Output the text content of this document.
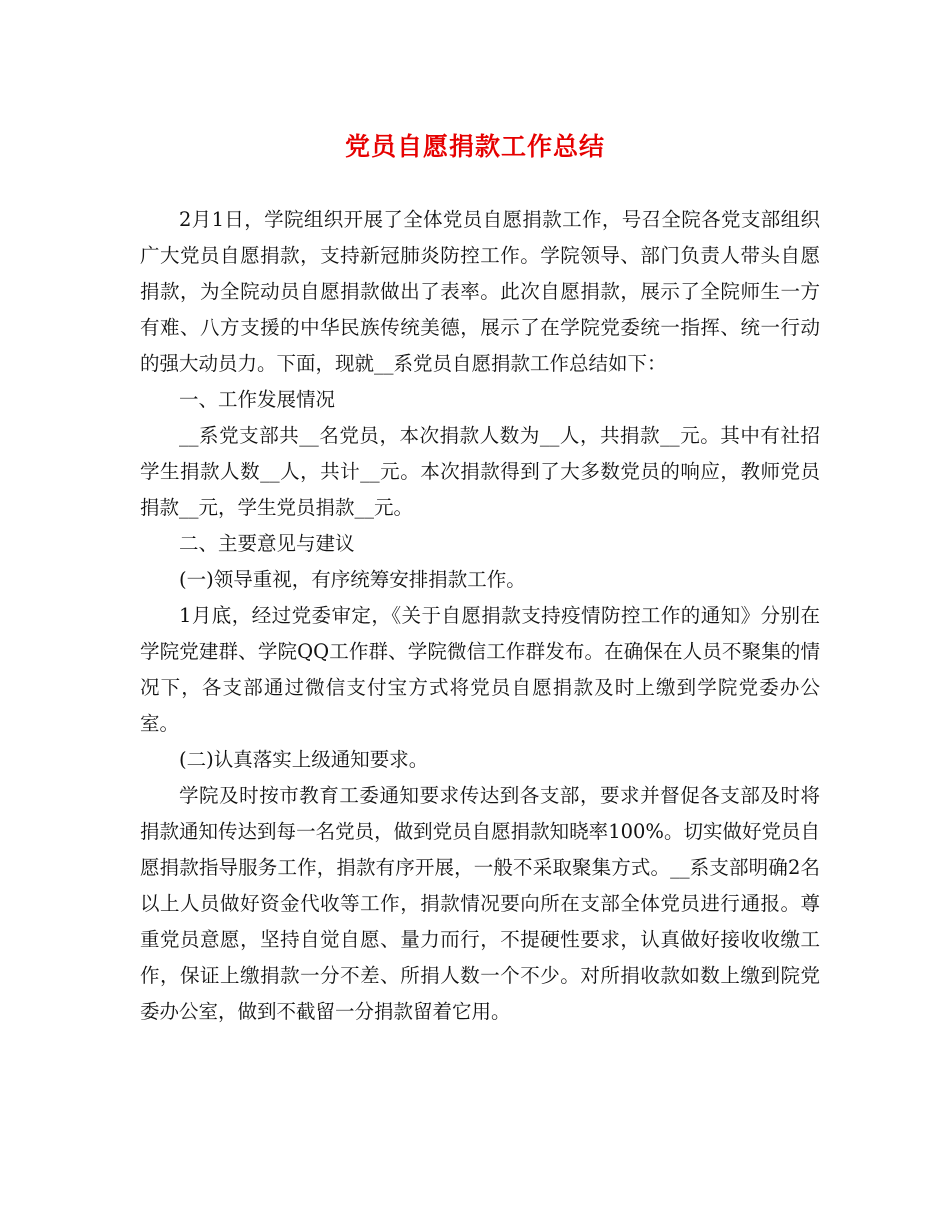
党员自愿捐款工作总结

2月1日，学院组织开展了全体党员自愿捐款工作，号召全院各党支部组织广大党员自愿捐款，支持新冠肺炎防控工作。学院领导、部门负责人带头自愿捐款，为全院动员自愿捐款做出了表率。此次自愿捐款，展示了全院师生一方有难、八方支援的中华民族传统美德，展示了在学院党委统一指挥、统一行动的强大动员力。下面，现就__系党员自愿捐款工作总结如下：

一、工作发展情况

__系党支部共__名党员，本次捐款人数为__人，共捐款__元。其中有社招学生捐款人数__人，共计__元。本次捐款得到了大多数党员的响应，教师党员捐款__元，学生党员捐款__元。

二、主要意见与建议

(一)领导重视，有序统筹安排捐款工作。

1月底，经过党委审定，《关于自愿捐款支持疫情防控工作的通知》分别在学院党建群、学院QQ工作群、学院微信工作群发布。在确保在人员不聚集的情况下，各支部通过微信支付宝方式将党员自愿捐款及时上缴到学院党委办公室。

(二)认真落实上级通知要求。

学院及时按市教育工委通知要求传达到各支部，要求并督促各支部及时将捐款通知传达到每一名党员，做到党员自愿捐款知晓率100%。切实做好党员自愿捐款指导服务工作，捐款有序开展，一般不采取聚集方式。__系支部明确2名以上人员做好资金代收等工作，捐款情况要向所在支部全体党员进行通报。尊重党员意愿，坚持自觉自愿、量力而行，不提硬性要求，认真做好接收收缴工作，保证上缴捐款一分不差、所捐人数一个不少。对所捐收款如数上缴到院党委办公室，做到不截留一分捐款留着它用。
